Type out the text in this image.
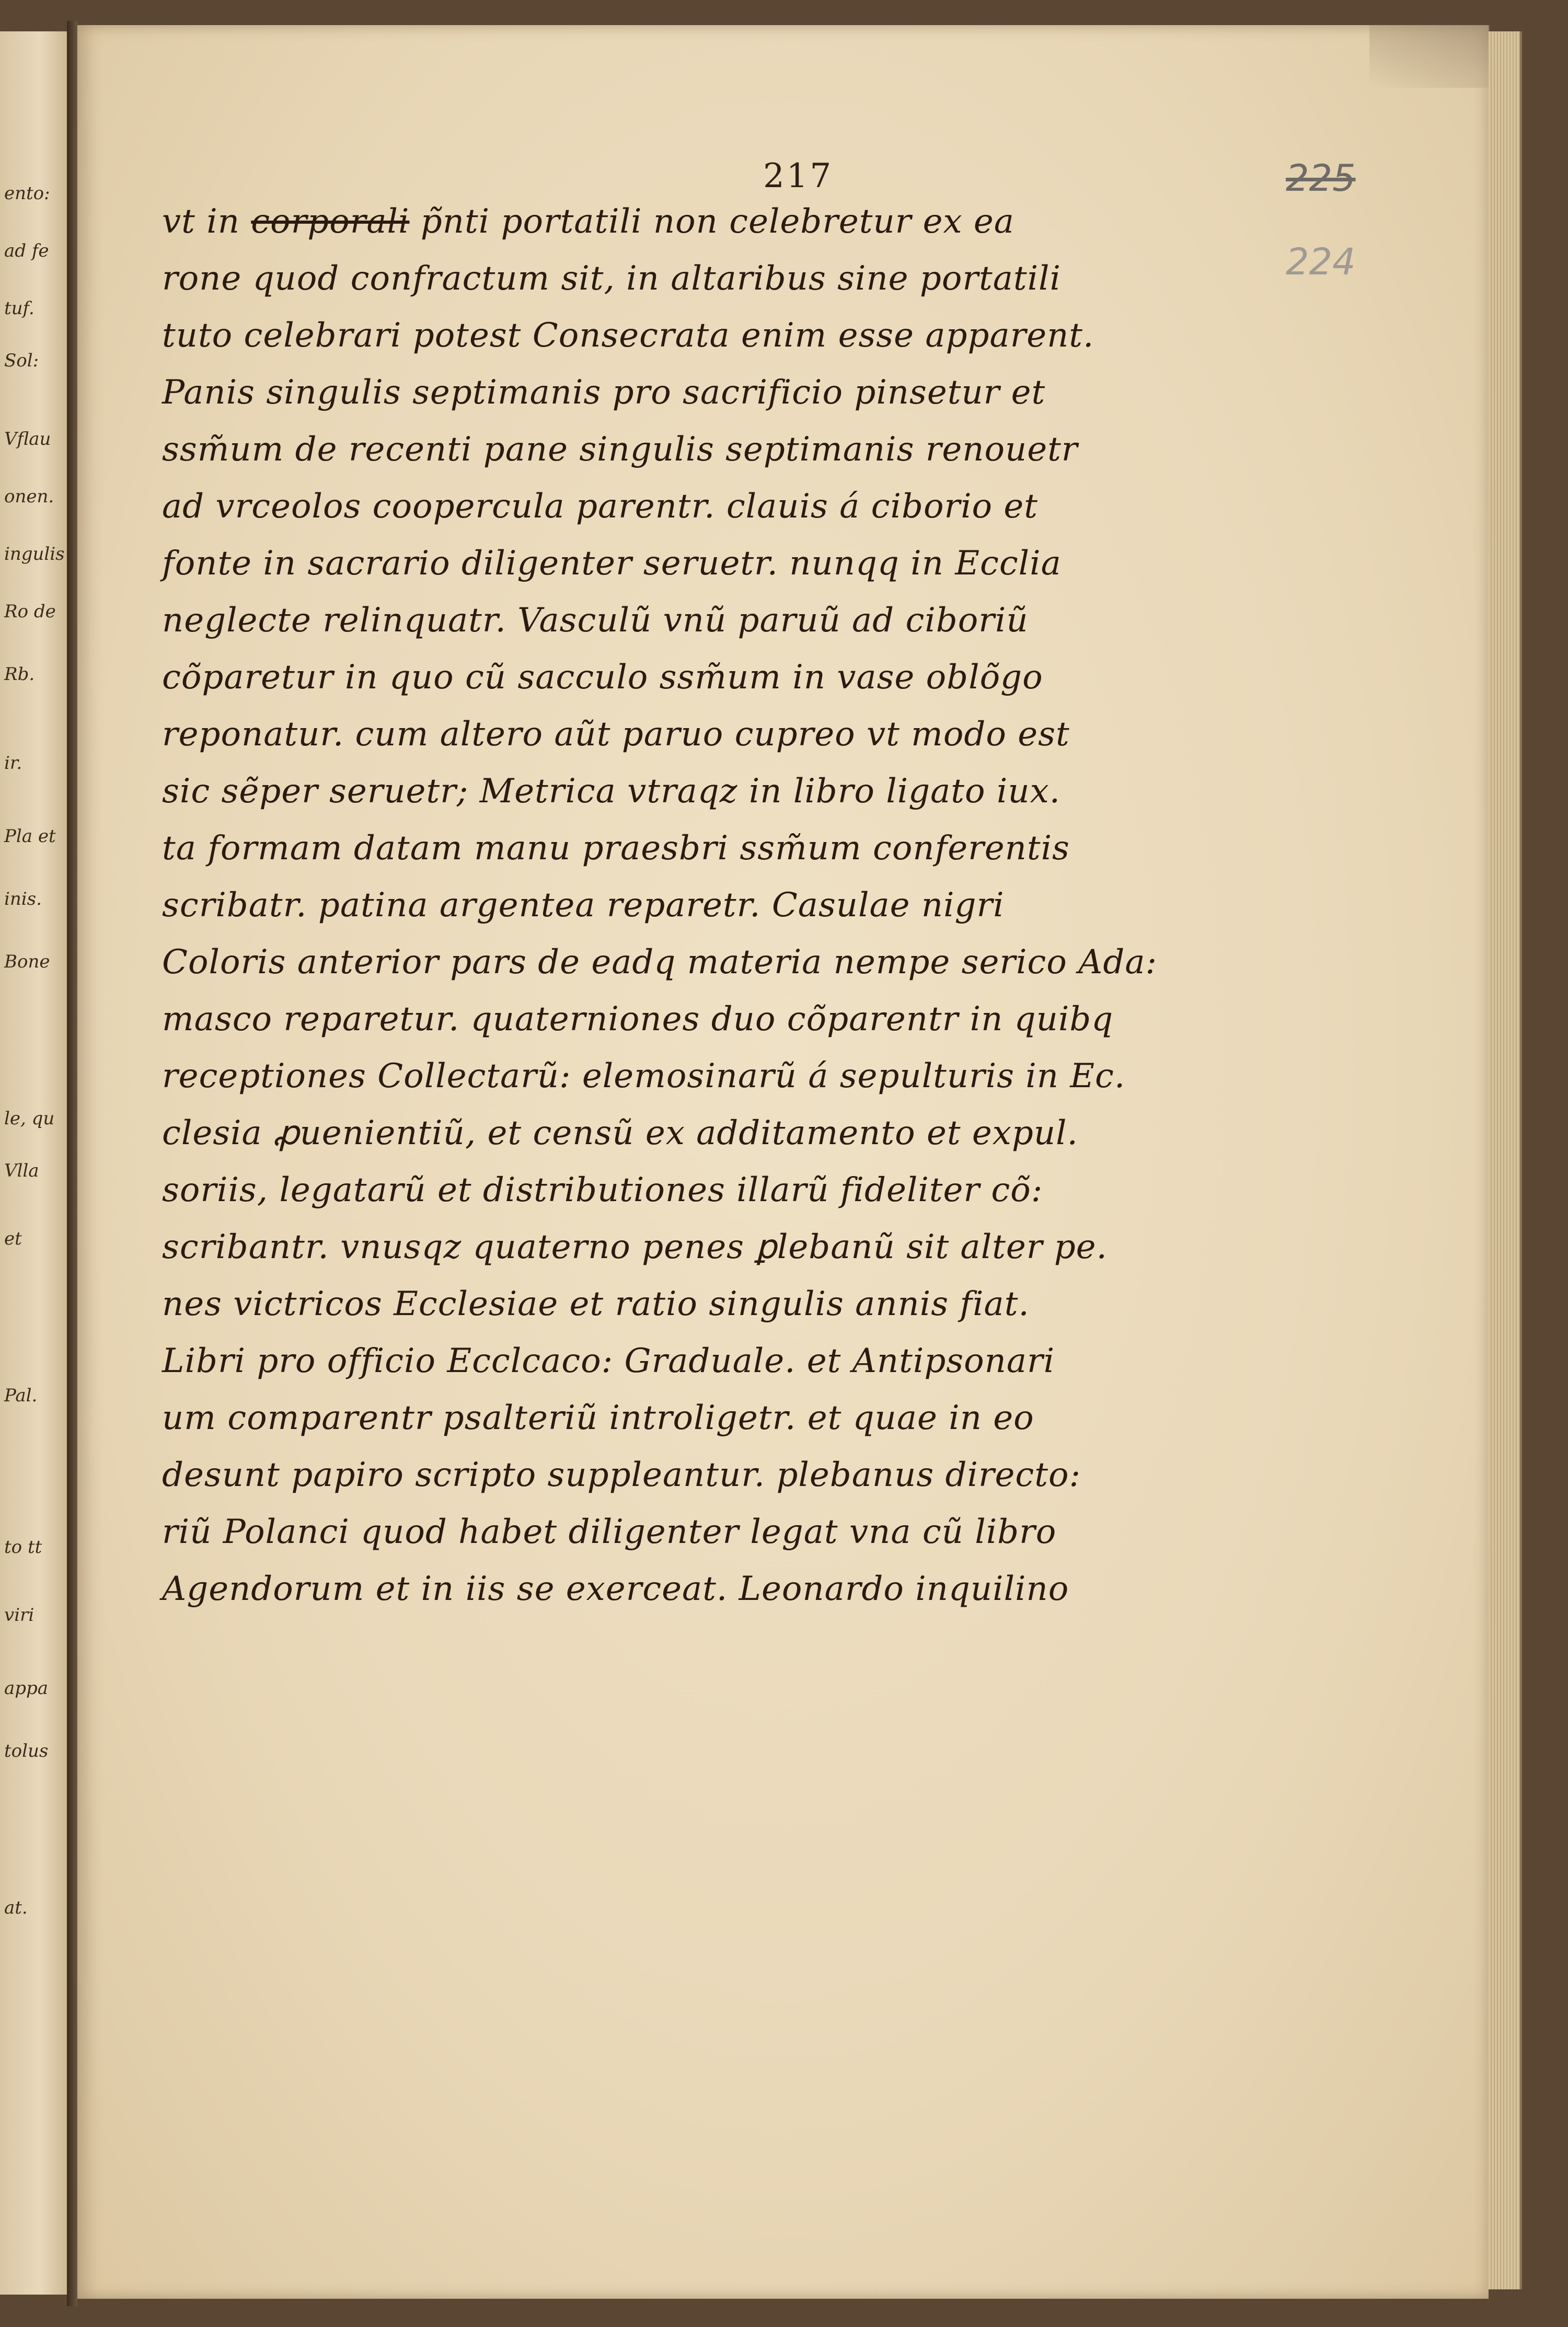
ento:
ad fe
tuf.
Sol:
Vflau
onen.
ingulis
Ro de
Rb.
ir.
Pla et
inis.
Bone
le, qu
Vlla
et
Pal.
to tt
viri
appa
tolus
at.
217	225
224
vt in corporali p̃nti portatili non celebretur ex ea
rone quod confractum sit, in altaribus sine portatili
tuto celebrari potest Consecrata enim esse apparent.
Panis singulis septimanis pro sacrificio pinsetur et
ssm̃um de recenti pane singulis septimanis renouetr
ad vrceolos coopercula parentr. clauis á ciborio et
fonte in sacrario diligenter seruetr. nunqq in Ecclia
neglecte relinquatr. Vasculũ vnũ paruũ ad ciboriũ
cõparetur in quo cũ sacculo ssm̃um in vase oblõgo
reponatur. cum altero aũt paruo cupreo vt modo est
sic sẽper seruetr; Metrica vtraqz in libro ligato iux.
ta formam datam manu praesbri ssm̃um conferentis
scribatr. patina argentea reparetr. Casulae nigri
Coloris anterior pars de eadq materia nempe serico Ada:
masco reparetur. quaterniones duo cõparentr in quibq
receptiones Collectarũ: elemosinarũ á sepulturis in Ec.
clesia ꝓuenientiũ, et censũ ex additamento et expul.
soriis, legatarũ et distributiones illarũ fideliter cõ:
scribantr. vnusqz quaterno penes ꝑlebanũ sit alter pe.
nes victricos Ecclesiae et ratio singulis annis fiat.
Libri pro officio Ecclcaco: Graduale. et Antipsonari
um comparentr psalteriũ introligetr. et quae in eo
desunt papiro scripto suppleantur. plebanus directo:
riũ Polanci quod habet diligenter legat vna cũ libro
Agendorum et in iis se exerceat. Leonardo inquilino
